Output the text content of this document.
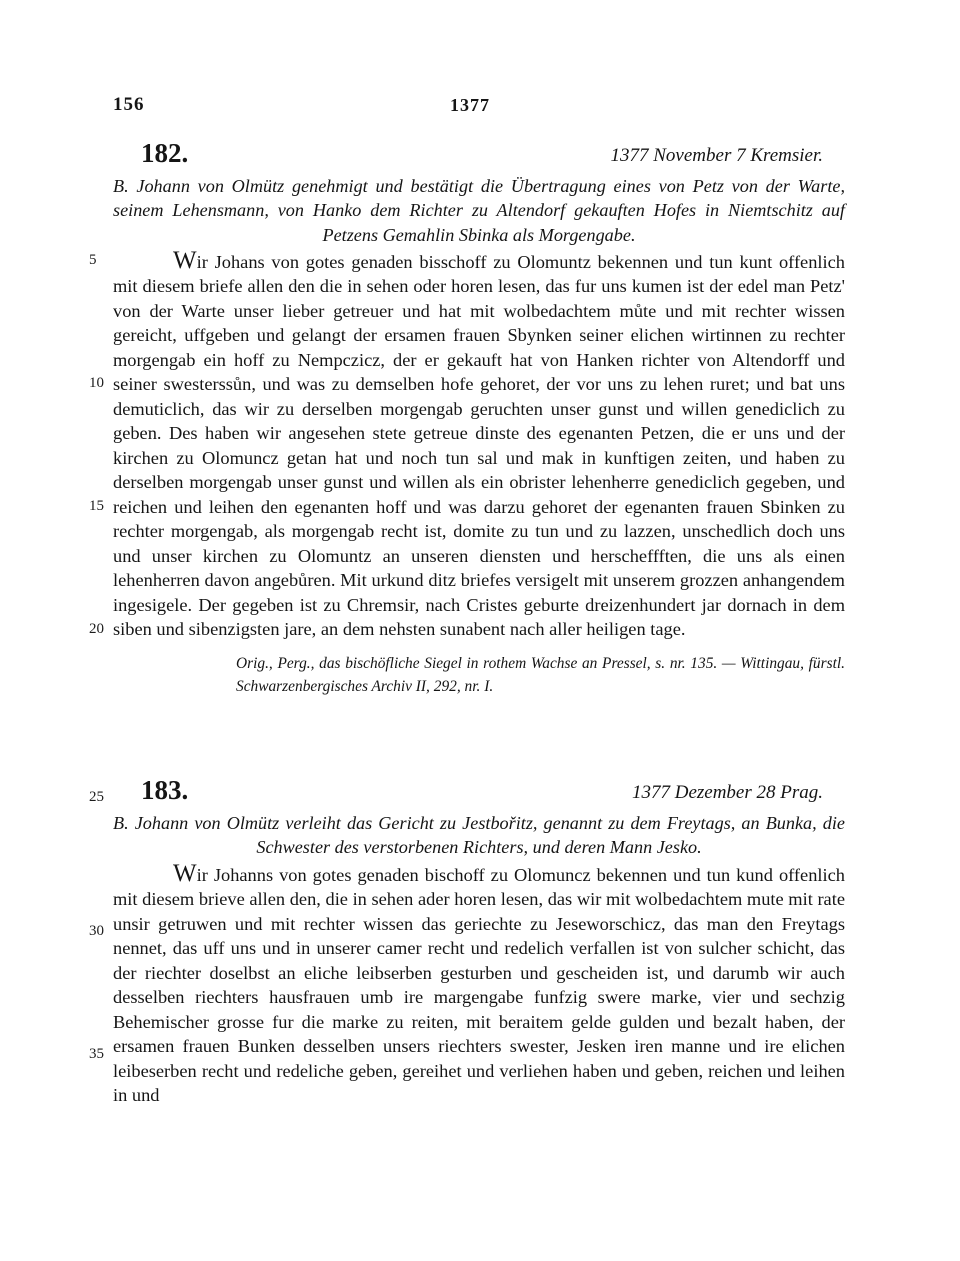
156	1377
182.	1377 November 7 Kremsier.
B. Johann von Olmütz genehmigt und bestätigt die Übertragung eines von Petz von der Warte, seinem Lehensmann, von Hanko dem Richter zu Altendorf gekauften Hofes in Niemtschitz auf Petzens Gemahlin Sbinka als Morgengabe.
Wir Johans von gotes genaden bisschoff zu Olomuntz bekennen und tun kunt offenlich mit diesem briefe allen den die in sehen oder horen lesen, das fur uns kumen ist der edel man Petz' von der Warte unser lieber getreuer und hat mit wolbedachtem můte und mit rechter wissen gereicht, uffgeben und gelangt der ersamen frauen Sbynken seiner elichen wirtinnen zu rechter morgengab ein hoff zu Nempczicz, der er gekauft hat von Hanken richter von Altendorff und seiner swesterssůn, und was zu demselben hofe gehoret, der vor uns zu lehen ruret; und bat uns demuticlich, das wir zu derselben morgengab geruchten unser gunst und willen genediclich zu geben. Des haben wir angesehen stete getreue dinste des egenanten Petzen, die er uns und der kirchen zu Olomuncz getan hat und noch tun sal und mak in kunftigen zeiten, und haben zu derselben morgengab unser gunst und willen als ein obrister lehenherre genediclich gegeben, und reichen und leihen den egenanten hoff und was darzu gehoret der egenanten frauen Sbinken zu rechter morgengab, als morgengab recht ist, domite zu tun und zu lazzen, unschedlich doch uns und unser kirchen zu Olomuntz an unseren diensten und herscheffften, die uns als einen lehenherren davon angebůren. Mit urkund ditz briefes versigelt mit unserem grozzen anhangendem ingesigele. Der gegeben ist zu Chremsir, nach Cristes geburte dreizenhundert jar dornach in dem siben und sibenzigsten jare, an dem nehsten sunabent nach aller heiligen tage.
Orig., Perg., das bischöfliche Siegel in rothem Wachse an Pressel, s. nr. 135. — Wittingau, fürstl. Schwarzenbergisches Archiv II, 292, nr. I.
183.	1377 Dezember 28 Prag.
B. Johann von Olmütz verleiht das Gericht zu Jestbořitz, genannt zu dem Freytags, an Bunka, die Schwester des verstorbenen Richters, und deren Mann Jesko.
Wir Johanns von gotes genaden bischoff zu Olomuncz bekennen und tun kund offenlich mit diesem brieve allen den, die in sehen ader horen lesen, das wir mit wolbedachtem mute mit rate unsir getruwen und mit rechter wissen das geriechte zu Jeseworschicz, das man den Freytags nennet, das uff uns und in unserer camer recht und redelich verfallen ist von sulcher schicht, das der riechter doselbst an eliche leibserben gesturben und gescheiden ist, und darumb wir auch desselben riechters hausfrauen umb ire margengabe funfzig swere marke, vier und sechzig Behemischer grosse fur die marke zu reiten, mit beraitem gelde gulden und bezalt haben, der ersamen frauen Bunken desselben unsers riechters swester, Jesken iren manne und ire elichen leibeserben recht und redeliche geben, gereihet und verliehen haben und geben, reichen und leihen in und
5
10
15
20
25
30
35
